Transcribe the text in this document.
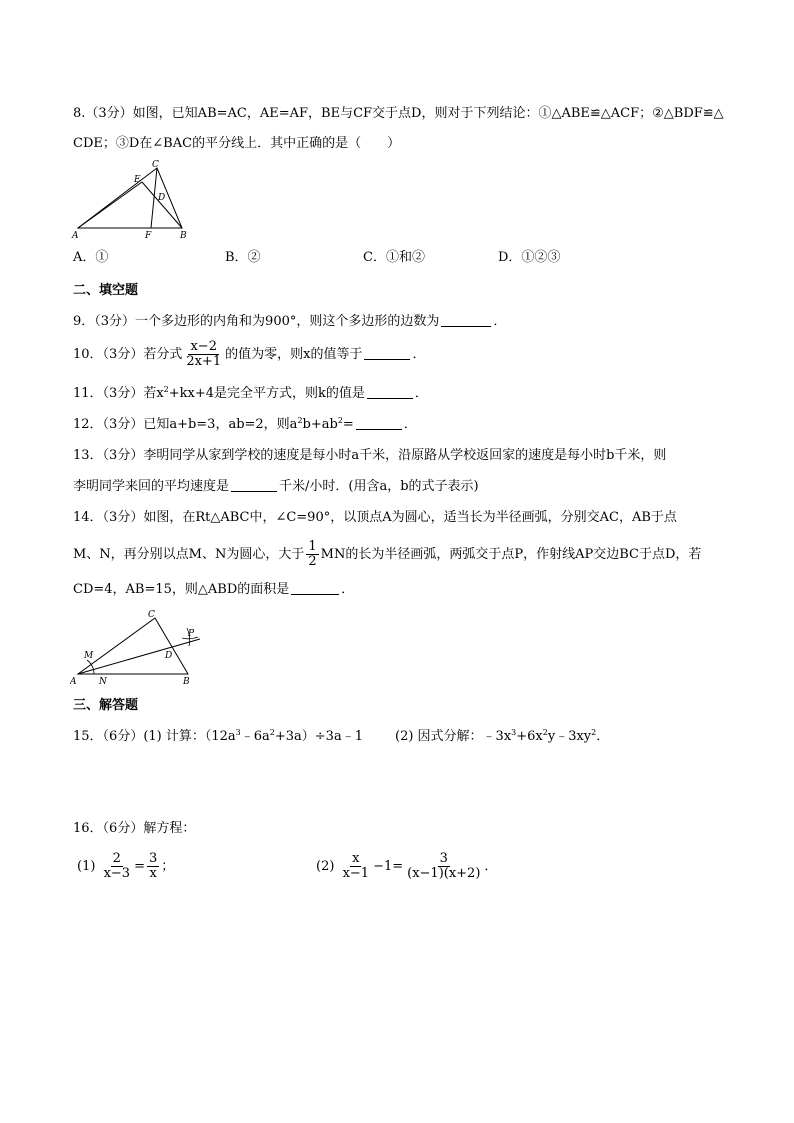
8.（3分）如图，已知AB=AC，AE=AF，BE与CF交于点D，则对于下列结论：①△ABE≌△ACF；②△BDF≌△
CDE；③D在∠BAC的平分线上．其中正确的是（　　）
A	B
C
D
E
F
A．①	B．②	C．①和②	D．①②③
二、填空题
9．（3分）一个多边形的内角和为900°，则这个多边形的边数为	．
10．（3分）若分式 $\frac{x-2}{2x+1}$ 的值为零，则x的值等于	．
11．（3分）若$x^2+kx+4$是完全平方式，则k的值是	．
12．（3分）已知a+b=3，ab=2，则$a^2b+ab^2=$	．
13．（3分）李明同学从家到学校的速度是每小时a千米，沿原路从学校返回家的速度是每小时b千米，则
李明同学来回的平均速度是	千米/小时．(用含a，b的式子表示)
14．（3分）如图，在Rt△ABC中，∠C=90°，以顶点A为圆心，适当长为半径画弧，分别交AC，AB于点
M、N，再分别以点M、N为圆心，大于 $\frac{1}{2}$ MN的长为半径画弧，两弧交于点P，作射线AP交边BC于点D，若
CD=4，AB=15，则△ABD的面积是	．
A	B
C
D
M
N
P
三、解答题
15．（6分）(1) 计算：$(12a^3﹣6a^2+3a)\div 3a﹣1$ (2) 因式分解：$﹣3x^3+6x^2y﹣3xy^2$．
16．（6分）解方程：
$(1) \frac{2}{x-3} = \frac{3}{x}$ ；	$(2) \frac{x}{x-1} -1= \frac{3}{(x-1)(x+2)}$ ．
